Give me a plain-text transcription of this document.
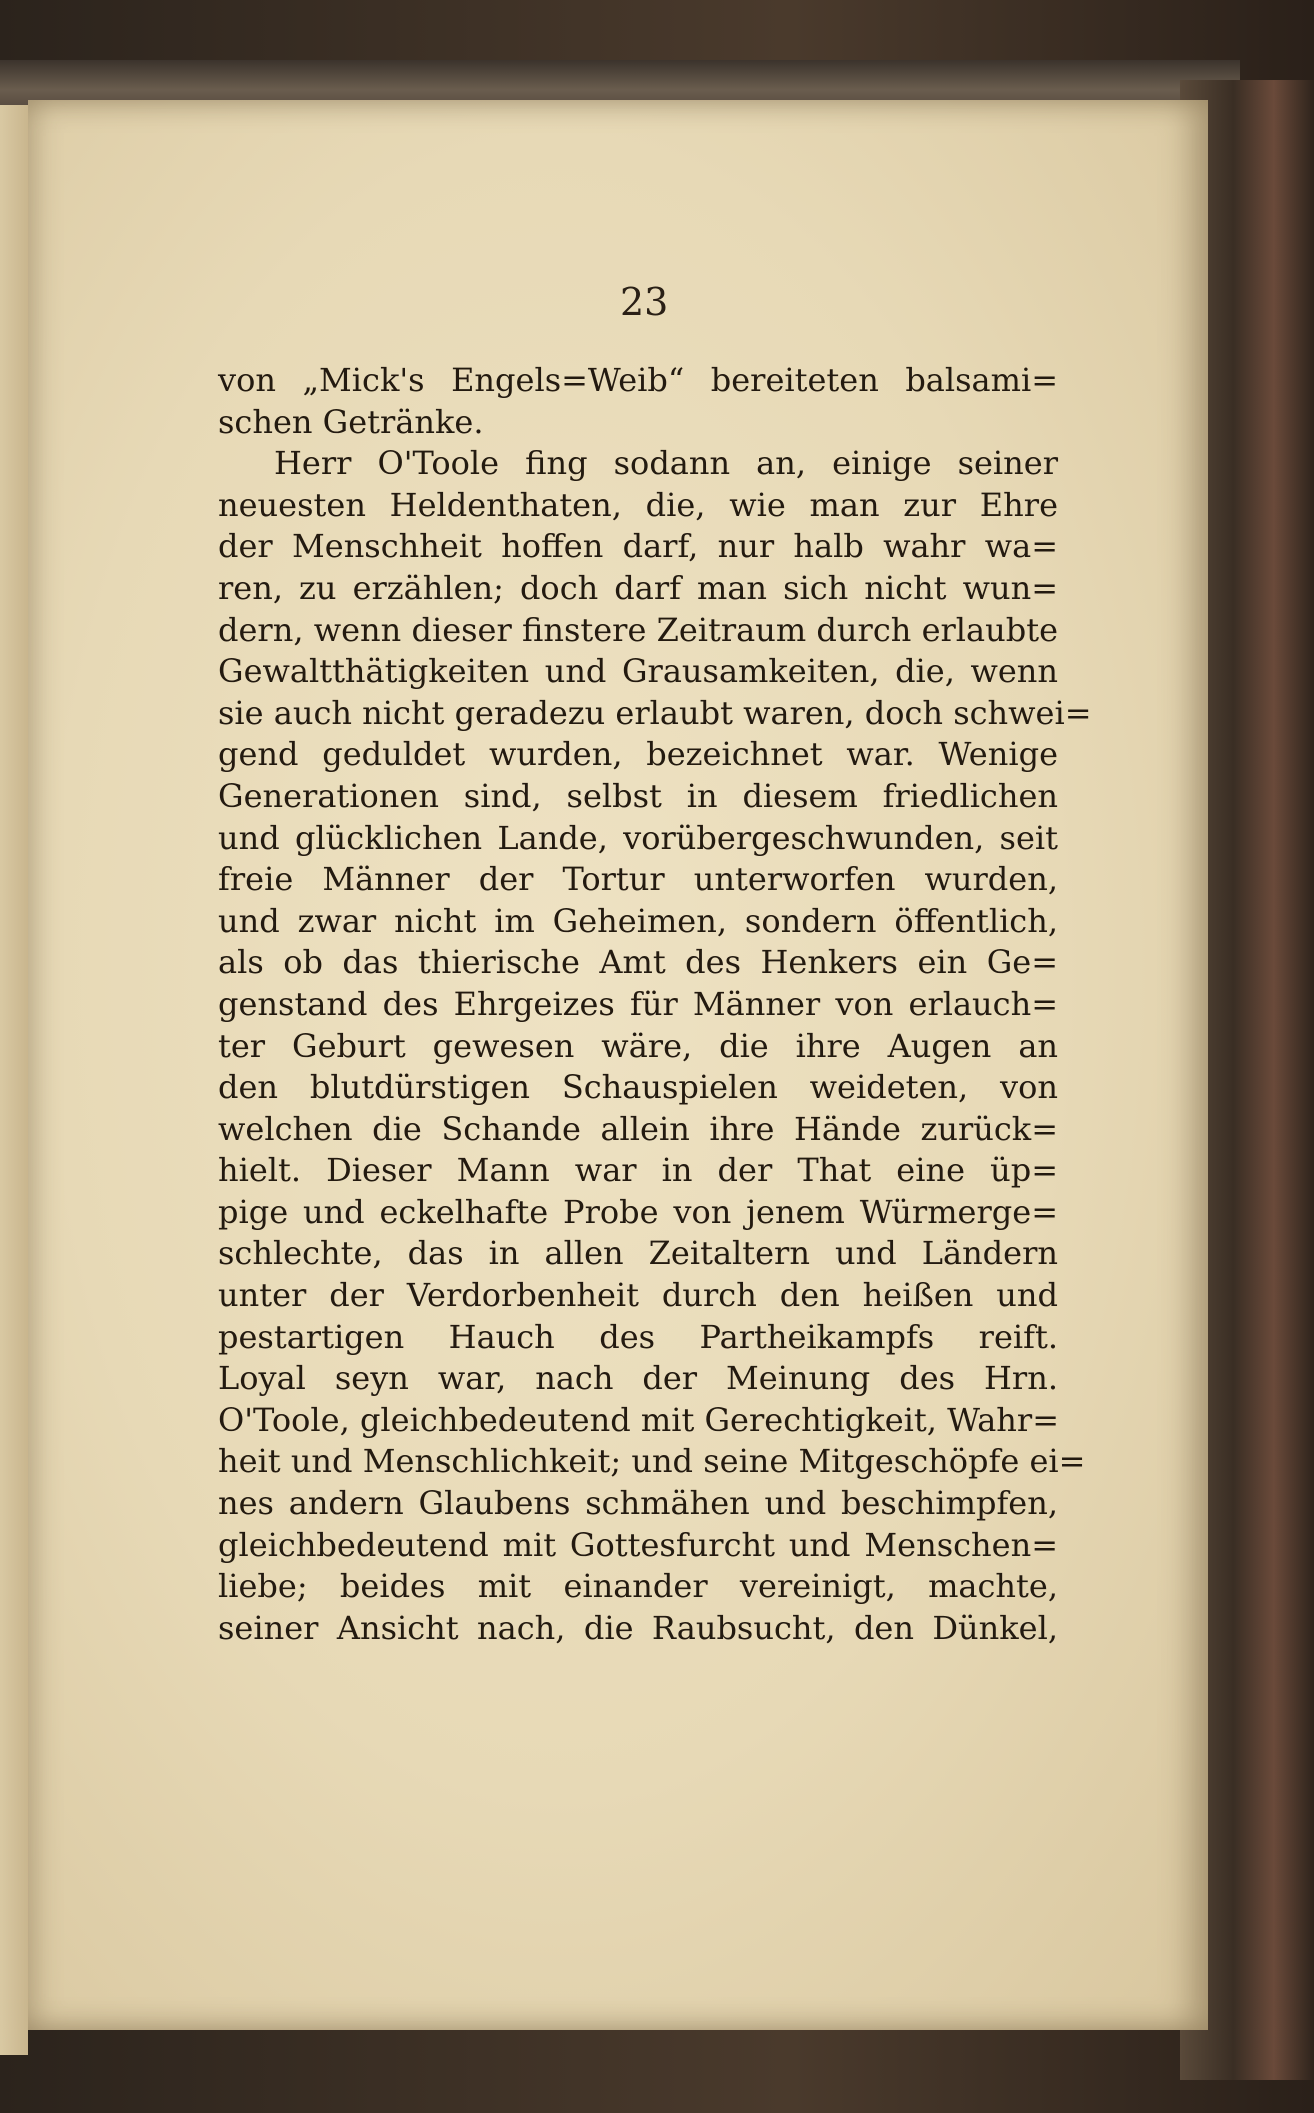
23
von „Mick's Engels=Weib“ bereiteten balsami=
schen Getränke.
Herr O'Toole fing sodann an, einige seiner
neuesten Heldenthaten, die, wie man zur Ehre
der Menschheit hoffen darf, nur halb wahr wa=
ren, zu erzählen; doch darf man sich nicht wun=
dern, wenn dieser finstere Zeitraum durch erlaubte
Gewaltthätigkeiten und Grausamkeiten, die, wenn
sie auch nicht geradezu erlaubt waren, doch schwei=
gend geduldet wurden, bezeichnet war. Wenige
Generationen sind, selbst in diesem friedlichen
und glücklichen Lande, vorübergeschwunden, seit
freie Männer der Tortur unterworfen wurden,
und zwar nicht im Geheimen, sondern öffentlich,
als ob das thierische Amt des Henkers ein Ge=
genstand des Ehrgeizes für Männer von erlauch=
ter Geburt gewesen wäre, die ihre Augen an
den blutdürstigen Schauspielen weideten, von
welchen die Schande allein ihre Hände zurück=
hielt. Dieser Mann war in der That eine üp=
pige und eckelhafte Probe von jenem Würmerge=
schlechte, das in allen Zeitaltern und Ländern
unter der Verdorbenheit durch den heißen und
pestartigen Hauch des Partheikampfs reift.
Loyal seyn war, nach der Meinung des Hrn.
O'Toole, gleichbedeutend mit Gerechtigkeit, Wahr=
heit und Menschlichkeit; und seine Mitgeschöpfe ei=
nes andern Glaubens schmähen und beschimpfen,
gleichbedeutend mit Gottesfurcht und Menschen=
liebe; beides mit einander vereinigt, machte,
seiner Ansicht nach, die Raubsucht, den Dünkel,
